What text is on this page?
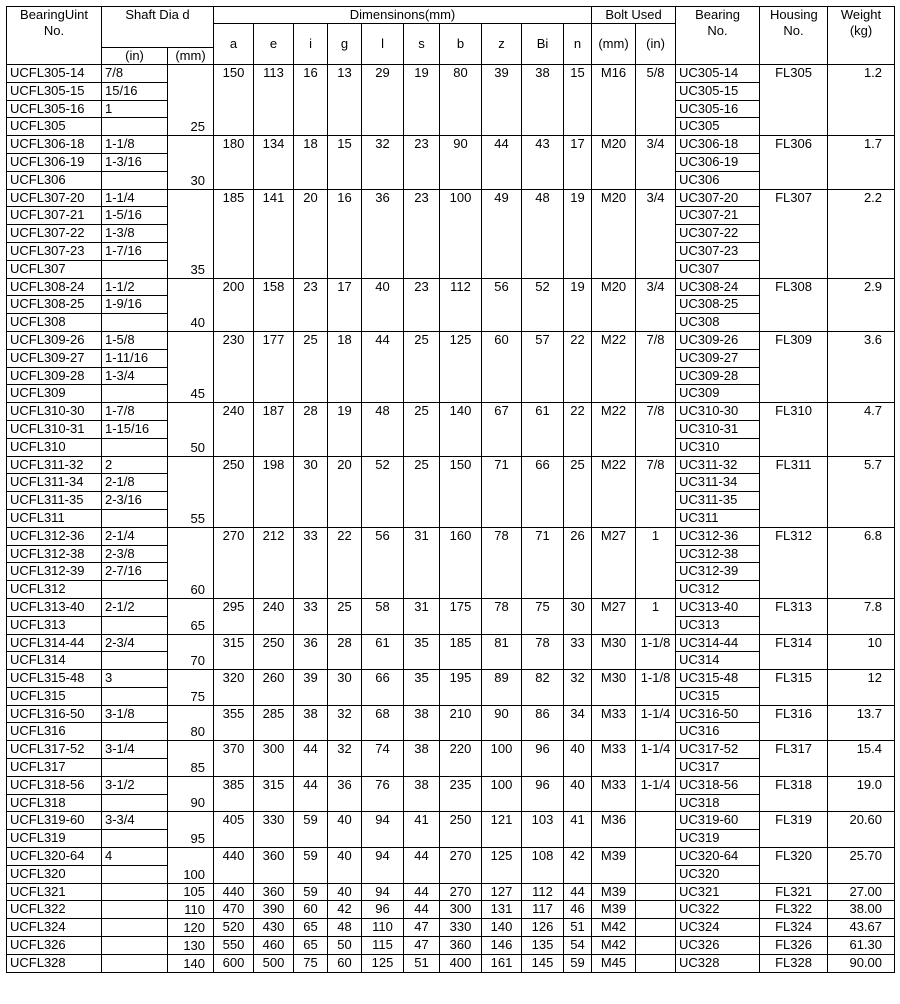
BearingUint No.	Shaft Dia d		Dimensinons(mm)										Bolt Used		Bearing No.	Housing No.	Weight (kg)
			a	e	i	g	l	s	b	z	Bi	n	(mm)	(in)			
	(in)	(mm)															
UCFL305-14	7/8	25	150	113	16	13	29	19	80	39	38	15	M16	5/8	UC305-14	FL305	1.2
UCFL305-15	15/16														UC305-15		
UCFL305-16	1														UC305-16		
UCFL305															UC305		
UCFL306-18	1-1/8	30	180	134	18	15	32	23	90	44	43	17	M20	3/4	UC306-18	FL306	1.7
UCFL306-19	1-3/16														UC306-19		
UCFL306															UC306		
UCFL307-20	1-1/4	35	185	141	20	16	36	23	100	49	48	19	M20	3/4	UC307-20	FL307	2.2
UCFL307-21	1-5/16														UC307-21		
UCFL307-22	1-3/8														UC307-22		
UCFL307-23	1-7/16														UC307-23		
UCFL307															UC307		
UCFL308-24	1-1/2	40	200	158	23	17	40	23	112	56	52	19	M20	3/4	UC308-24	FL308	2.9
UCFL308-25	1-9/16														UC308-25		
UCFL308															UC308		
UCFL309-26	1-5/8	45	230	177	25	18	44	25	125	60	57	22	M22	7/8	UC309-26	FL309	3.6
UCFL309-27	1-11/16														UC309-27		
UCFL309-28	1-3/4														UC309-28		
UCFL309															UC309		
UCFL310-30	1-7/8	50	240	187	28	19	48	25	140	67	61	22	M22	7/8	UC310-30	FL310	4.7
UCFL310-31	1-15/16														UC310-31		
UCFL310															UC310		
UCFL311-32	2	55	250	198	30	20	52	25	150	71	66	25	M22	7/8	UC311-32	FL311	5.7
UCFL311-34	2-1/8														UC311-34		
UCFL311-35	2-3/16														UC311-35		
UCFL311															UC311		
UCFL312-36	2-1/4	60	270	212	33	22	56	31	160	78	71	26	M27	1	UC312-36	FL312	6.8
UCFL312-38	2-3/8														UC312-38		
UCFL312-39	2-7/16														UC312-39		
UCFL312															UC312		
UCFL313-40	2-1/2	65	295	240	33	25	58	31	175	78	75	30	M27	1	UC313-40	FL313	7.8
UCFL313															UC313		
UCFL314-44	2-3/4	70	315	250	36	28	61	35	185	81	78	33	M30	1-1/8	UC314-44	FL314	10
UCFL314															UC314		
UCFL315-48	3	75	320	260	39	30	66	35	195	89	82	32	M30	1-1/8	UC315-48	FL315	12
UCFL315															UC315		
UCFL316-50	3-1/8	80	355	285	38	32	68	38	210	90	86	34	M33	1-1/4	UC316-50	FL316	13.7
UCFL316															UC316		
UCFL317-52	3-1/4	85	370	300	44	32	74	38	220	100	96	40	M33	1-1/4	UC317-52	FL317	15.4
UCFL317															UC317		
UCFL318-56	3-1/2	90	385	315	44	36	76	38	235	100	96	40	M33	1-1/4	UC318-56	FL318	19.0
UCFL318															UC318		
UCFL319-60	3-3/4	95	405	330	59	40	94	41	250	121	103	41	M36		UC319-60	FL319	20.60
UCFL319															UC319		
UCFL320-64	4	100	440	360	59	40	94	44	270	125	108	42	M39		UC320-64	FL320	25.70
UCFL320															UC320		
UCFL321		105	440	360	59	40	94	44	270	127	112	44	M39		UC321	FL321	27.00
UCFL322		110	470	390	60	42	96	44	300	131	117	46	M39		UC322	FL322	38.00
UCFL324		120	520	430	65	48	110	47	330	140	126	51	M42		UC324	FL324	43.67
UCFL326		130	550	460	65	50	115	47	360	146	135	54	M42		UC326	FL326	61.30
UCFL328		140	600	500	75	60	125	51	400	161	145	59	M45		UC328	FL328	90.00
